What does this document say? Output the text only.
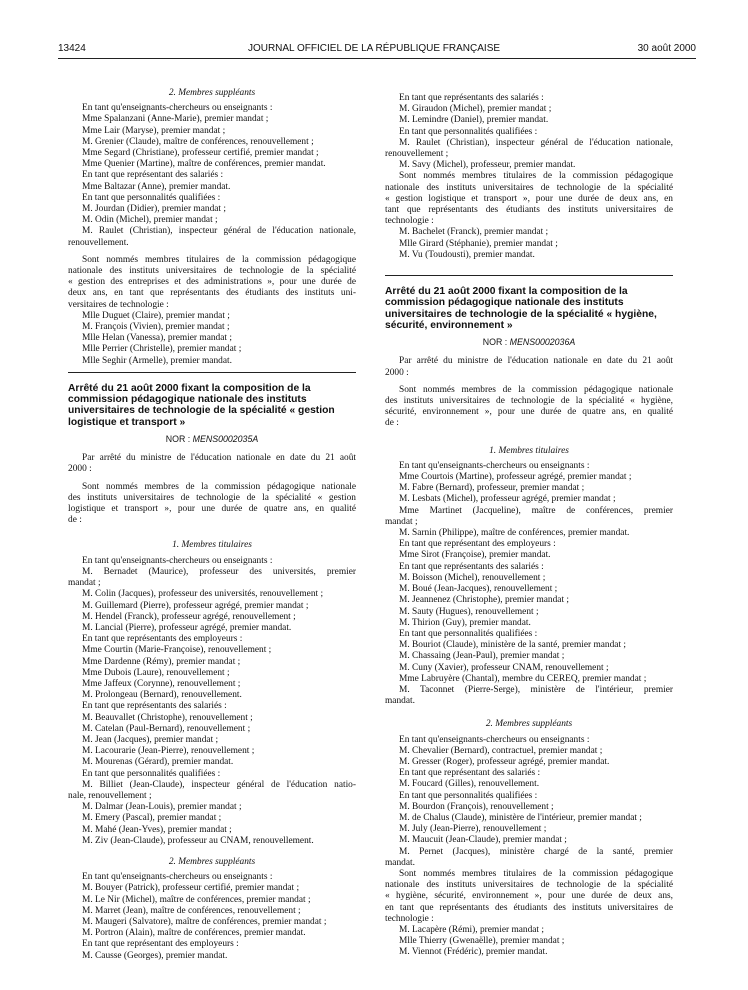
13424	JOURNAL OFFICIEL DE LA RÉPUBLIQUE FRANÇAISE	30 août 2000
2. Membres suppléants
En tant qu'enseignants-chercheurs ou enseignants :
Mme Spalanzani (Anne-Marie), premier mandat ;
Mme Lair (Maryse), premier mandat ;
M. Grenier (Claude), maître de conférences, renouvellement ;
Mme Segard (Christiane), professeur certifié, premier mandat ;
Mme Quenier (Martine), maître de conférences, premier mandat.
En tant que représentant des salariés :
Mme Baltazar (Anne), premier mandat.
En tant que personnalités qualifiées :
M. Jourdan (Didier), premier mandat ;
M. Odin (Michel), premier mandat ;
M. Raulet (Christian), inspecteur général de l'éducation nationale,
renouvellement.
Sont nommés membres titulaires de la commission pédagogique
nationale des instituts universitaires de technologie de la spécialité
« gestion des entreprises et des administrations », pour une durée de
deux ans, en tant que représentants des étudiants des instituts uni-
versitaires de technologie :
Mlle Duguet (Claire), premier mandat ;
M. François (Vivien), premier mandat ;
Mlle Helan (Vanessa), premier mandat ;
Mlle Perrier (Christelle), premier mandat ;
Mlle Seghir (Armelle), premier mandat.
Arrêté du 21 août 2000 fixant la composition de la commission pédagogique nationale des instituts universitaires de technologie de la spécialité « gestion logistique et transport »
NOR : MENS0002035A
Par arrêté du ministre de l'éducation nationale en date du 21 août
2000 :
Sont nommés membres de la commission pédagogique nationale
des instituts universitaires de technologie de la spécialité « gestion
logistique et transport », pour une durée de quatre ans, en qualité
de :
1. Membres titulaires
En tant qu'enseignants-chercheurs ou enseignants :
M. Bernadet (Maurice), professeur des universités, premier
mandat ;
M. Colin (Jacques), professeur des universités, renouvellement ;
M. Guillemard (Pierre), professeur agrégé, premier mandat ;
M. Hendel (Franck), professeur agrégé, renouvellement ;
M. Lancial (Pierre), professeur agrégé, premier mandat.
En tant que représentants des employeurs :
Mme Courtin (Marie-Françoise), renouvellement ;
Mme Dardenne (Rémy), premier mandat ;
Mme Dubois (Laure), renouvellement ;
Mme Jaffeux (Corynne), renouvellement ;
M. Prolongeau (Bernard), renouvellement.
En tant que représentants des salariés :
M. Beauvallet (Christophe), renouvellement ;
M. Catelan (Paul-Bernard), renouvellement ;
M. Jean (Jacques), premier mandat ;
M. Lacourarie (Jean-Pierre), renouvellement ;
M. Mourenas (Gérard), premier mandat.
En tant que personnalités qualifiées :
M. Billiet (Jean-Claude), inspecteur général de l'éducation natio-
nale, renouvellement ;
M. Dalmar (Jean-Louis), premier mandat ;
M. Emery (Pascal), premier mandat ;
M. Mahé (Jean-Yves), premier mandat ;
M. Ziv (Jean-Claude), professeur au CNAM, renouvellement.
2. Membres suppléants
En tant qu'enseignants-chercheurs ou enseignants :
M. Bouyer (Patrick), professeur certifié, premier mandat ;
M. Le Nir (Michel), maître de conférences, premier mandat ;
M. Marret (Jean), maître de conférences, renouvellement ;
M. Maugeri (Salvatore), maître de conférences, premier mandat ;
M. Portron (Alain), maître de conférences, premier mandat.
En tant que représentant des employeurs :
M. Causse (Georges), premier mandat.
En tant que représentants des salariés :
M. Giraudon (Michel), premier mandat ;
M. Lemindre (Daniel), premier mandat.
En tant que personnalités qualifiées :
M. Raulet (Christian), inspecteur général de l'éducation nationale,
renouvellement ;
M. Savy (Michel), professeur, premier mandat.
Sont nommés membres titulaires de la commission pédagogique
nationale des instituts universitaires de technologie de la spécialité
« gestion logistique et transport », pour une durée de deux ans, en
tant que représentants des étudiants des instituts universitaires de
technologie :
M. Bachelet (Franck), premier mandat ;
Mlle Girard (Stéphanie), premier mandat ;
M. Vu (Toudousti), premier mandat.
Arrêté du 21 août 2000 fixant la composition de la commission pédagogique nationale des instituts universitaires de technologie de la spécialité « hygiène, sécurité, environnement »
NOR : MENS0002036A
Par arrêté du ministre de l'éducation nationale en date du 21 août
2000 :
Sont nommés membres de la commission pédagogique nationale
des instituts universitaires de technologie de la spécialité « hygiène,
sécurité, environnement », pour une durée de quatre ans, en qualité
de :
1. Membres titulaires
En tant qu'enseignants-chercheurs ou enseignants :
Mme Courtois (Martine), professeur agrégé, premier mandat ;
M. Fabre (Bernard), professeur, premier mandat ;
M. Lesbats (Michel), professeur agrégé, premier mandat ;
Mme Martinet (Jacqueline), maître de conférences, premier
mandat ;
M. Sarnin (Philippe), maître de conférences, premier mandat.
En tant que représentant des employeurs :
Mme Sirot (Françoise), premier mandat.
En tant que représentants des salariés :
M. Boisson (Michel), renouvellement ;
M. Boué (Jean-Jacques), renouvellement ;
M. Jeannenez (Christophe), premier mandat ;
M. Sauty (Hugues), renouvellement ;
M. Thirion (Guy), premier mandat.
En tant que personnalités qualifiées :
M. Bouriot (Claude), ministère de la santé, premier mandat ;
M. Chassaing (Jean-Paul), premier mandat ;
M. Cuny (Xavier), professeur CNAM, renouvellement ;
Mme Labruyère (Chantal), membre du CEREQ, premier mandat ;
M. Taconnet (Pierre-Serge), ministère de l'intérieur, premier
mandat.
2. Membres suppléants
En tant qu'enseignants-chercheurs ou enseignants :
M. Chevalier (Bernard), contractuel, premier mandat ;
M. Gresser (Roger), professeur agrégé, premier mandat.
En tant que représentant des salariés :
M. Foucard (Gilles), renouvellement.
En tant que personnalités qualifiées :
M. Bourdon (François), renouvellement ;
M. de Chalus (Claude), ministère de l'intérieur, premier mandat ;
M. July (Jean-Pierre), renouvellement ;
M. Maucuit (Jean-Claude), premier mandat ;
M. Pernet (Jacques), ministère chargé de la santé, premier
mandat.
Sont nommés membres titulaires de la commission pédagogique
nationale des instituts universitaires de technologie de la spécialité
« hygiène, sécurité, environnement », pour une durée de deux ans,
en tant que représentants des étudiants des instituts universitaires de
technologie :
M. Lacapère (Rémi), premier mandat ;
Mlle Thierry (Gwenaëlle), premier mandat ;
M. Viennot (Frédéric), premier mandat.
